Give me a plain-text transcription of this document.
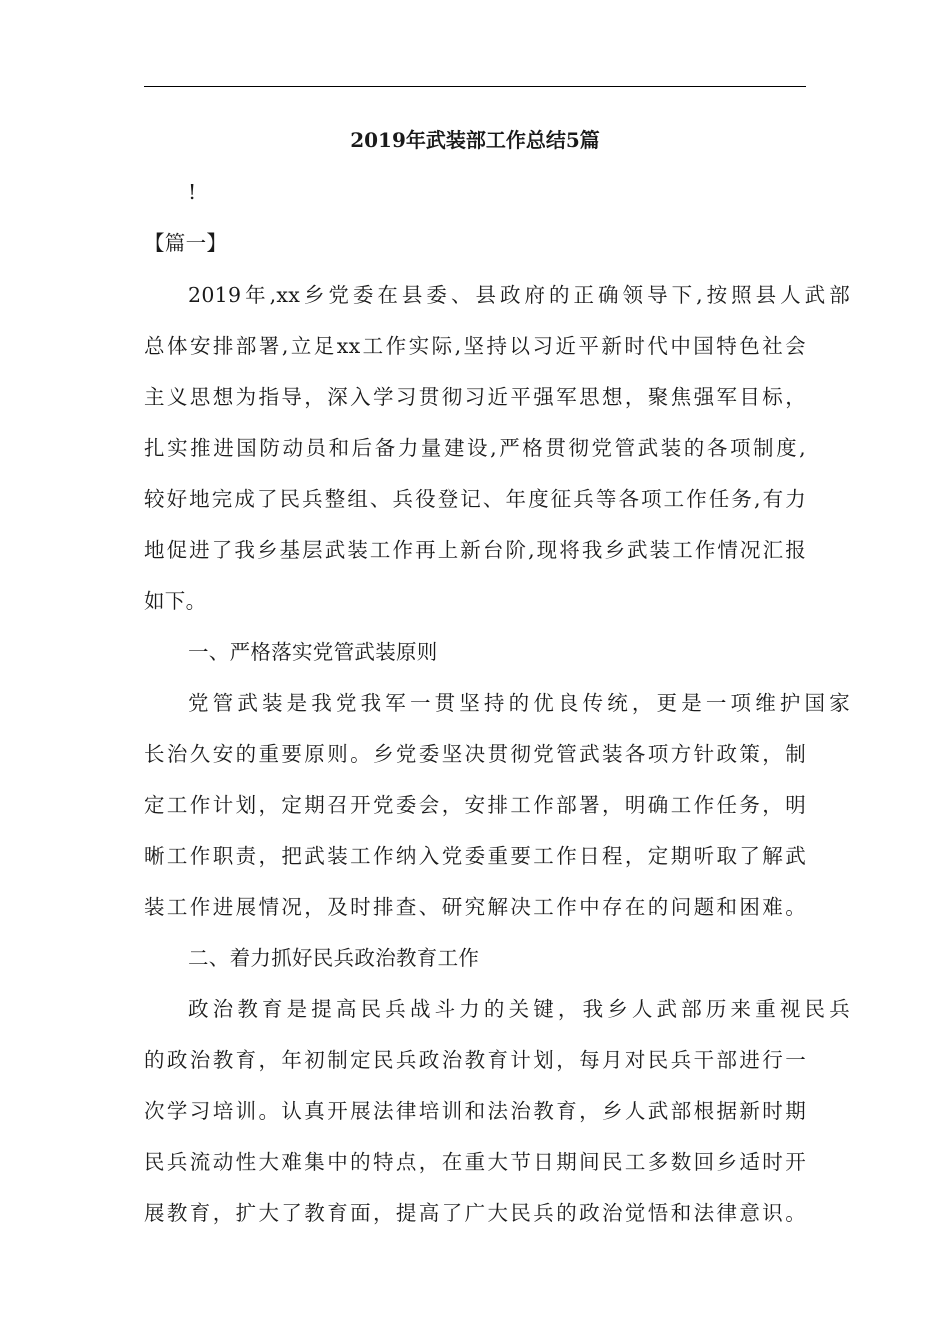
2019年武装部工作总结5篇
!
【篇一】
2019年,xx乡党委在县委、县政府的正确领导下,按照县人武部
总体安排部署,立足xx工作实际,坚持以习近平新时代中国特色社会
主义思想为指导，深入学习贯彻习近平强军思想，聚焦强军目标，
扎实推进国防动员和后备力量建设,严格贯彻党管武装的各项制度,
较好地完成了民兵整组、兵役登记、年度征兵等各项工作任务,有力
地促进了我乡基层武装工作再上新台阶,现将我乡武装工作情况汇报
如下。
一、严格落实党管武装原则
党管武装是我党我军一贯坚持的优良传统，更是一项维护国家
长治久安的重要原则。乡党委坚决贯彻党管武装各项方针政策，制
定工作计划，定期召开党委会，安排工作部署，明确工作任务，明
晰工作职责，把武装工作纳入党委重要工作日程，定期听取了解武
装工作进展情况，及时排查、研究解决工作中存在的问题和困难。
二、着力抓好民兵政治教育工作
政治教育是提高民兵战斗力的关键，我乡人武部历来重视民兵
的政治教育，年初制定民兵政治教育计划，每月对民兵干部进行一
次学习培训。认真开展法律培训和法治教育，乡人武部根据新时期
民兵流动性大难集中的特点，在重大节日期间民工多数回乡适时开
展教育，扩大了教育面，提高了广大民兵的政治觉悟和法律意识。
